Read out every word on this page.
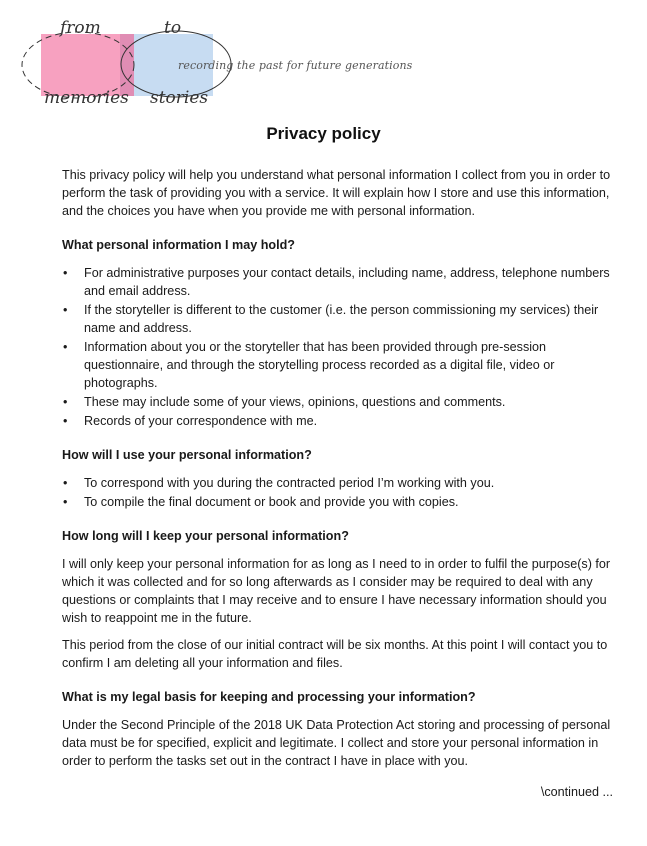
from	to
memories stories
recording the past for future generations
Privacy policy

This privacy policy will help you understand what personal information I collect from you in order to perform the task of providing you with a service. It will explain how I store and use this information, and the choices you have when you provide me with personal information.

What personal information I may hold?
• For administrative purposes your contact details, including name, address, telephone numbers and email address.
• If the storyteller is different to the customer (i.e. the person commissioning my services) their name and address.
• Information about you or the storyteller that has been provided through pre-session questionnaire, and through the storytelling process recorded as a digital file, video or photographs.
• These may include some of your views, opinions, questions and comments.
• Records of your correspondence with me.
How will I use your personal information?
• To correspond with you during the contracted period I’m working with you.
• To compile the final document or book and provide you with copies.
How long will I keep your personal information?

I will only keep your personal information for as long as I need to in order to fulfil the purpose(s) for which it was collected and for so long afterwards as I consider may be required to deal with any questions or complaints that I may receive and to ensure I have necessary information should you wish to reappoint me in the future.

This period from the close of our initial contract will be six months. At this point I will contact you to confirm I am deleting all your information and files.

What is my legal basis for keeping and processing your information?

Under the Second Principle of the 2018 UK Data Protection Act storing and processing of personal data must be for specified, explicit and legitimate. I collect and store your personal information in order to perform the tasks set out in the contract I have in place with you.

\continued ...
